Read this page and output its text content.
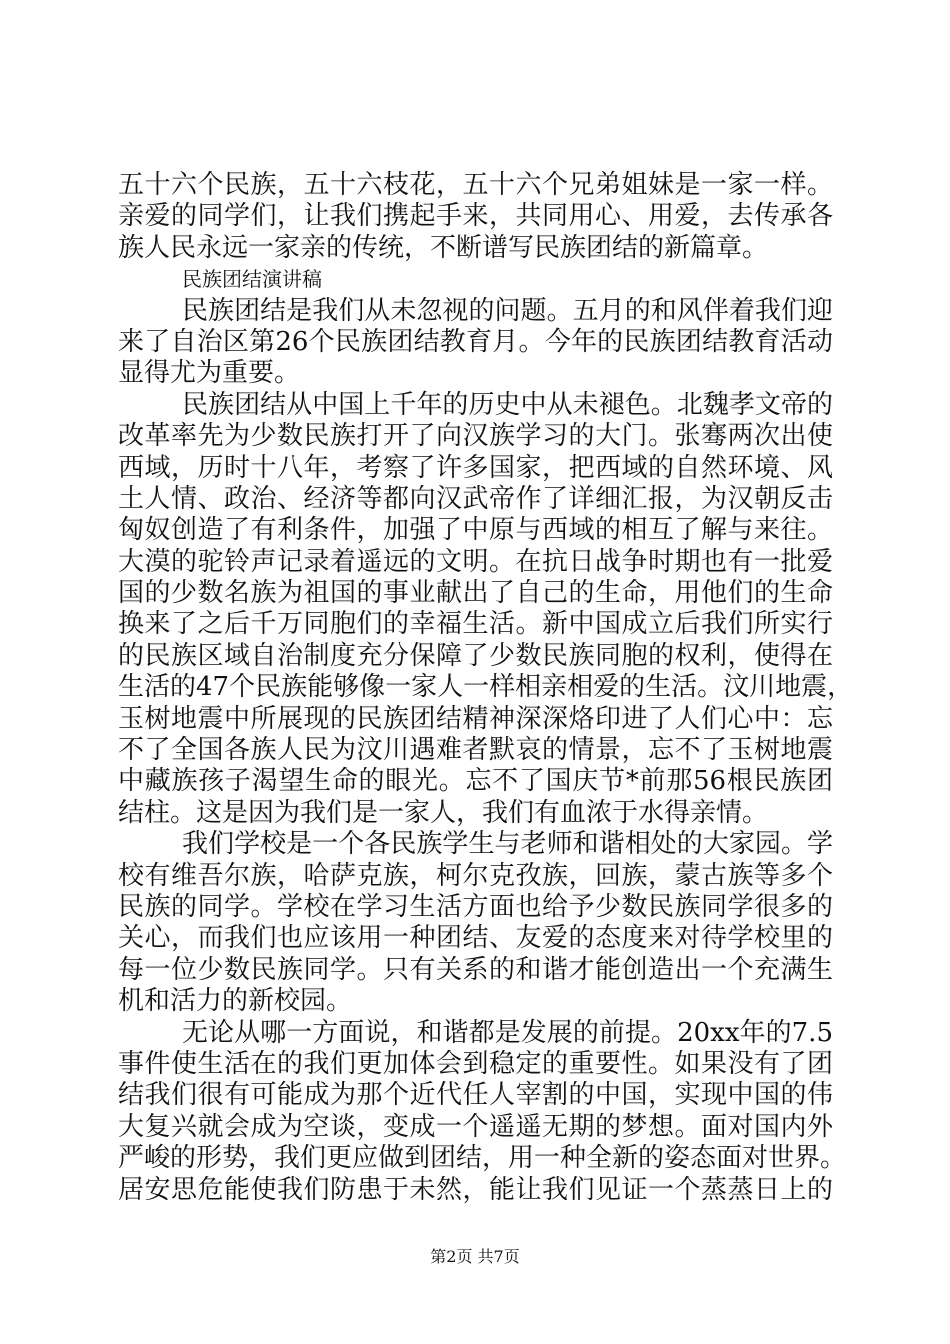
五十六个民族，五十六枝花，五十六个兄弟姐妹是一家一样。
亲爱的同学们，让我们携起手来，共同用心、用爱，去传承各
族人民永远一家亲的传统，不断谱写民族团结的新篇章。
民族团结演讲稿
民族团结是我们从未忽视的问题。五月的和风伴着我们迎
来了自治区第26个民族团结教育月。今年的民族团结教育活动
显得尤为重要。
民族团结从中国上千年的历史中从未褪色。北魏孝文帝的
改革率先为少数民族打开了向汉族学习的大门。张骞两次出使
西域，历时十八年，考察了许多国家，把西域的自然环境、风
土人情、政治、经济等都向汉武帝作了详细汇报，为汉朝反击
匈奴创造了有利条件，加强了中原与西域的相互了解与来往。
大漠的驼铃声记录着遥远的文明。在抗日战争时期也有一批爱
国的少数名族为祖国的事业献出了自己的生命，用他们的生命
换来了之后千万同胞们的幸福生活。新中国成立后我们所实行
的民族区域自治制度充分保障了少数民族同胞的权利，使得在
生活的47个民族能够像一家人一样相亲相爱的生活。汶川地震，
玉树地震中所展现的民族团结精神深深烙印进了人们心中：忘
不了全国各族人民为汶川遇难者默哀的情景，忘不了玉树地震
中藏族孩子渴望生命的眼光。忘不了国庆节*前那56根民族团
结柱。这是因为我们是一家人，我们有血浓于水得亲情。
我们学校是一个各民族学生与老师和谐相处的大家园。学
校有维吾尔族，哈萨克族，柯尔克孜族，回族，蒙古族等多个
民族的同学。学校在学习生活方面也给予少数民族同学很多的
关心，而我们也应该用一种团结、友爱的态度来对待学校里的
每一位少数民族同学。只有关系的和谐才能创造出一个充满生
机和活力的新校园。
无论从哪一方面说，和谐都是发展的前提。20xx年的7.5
事件使生活在的我们更加体会到稳定的重要性。如果没有了团
结我们很有可能成为那个近代任人宰割的中国，实现中国的伟
大复兴就会成为空谈，变成一个遥遥无期的梦想。面对国内外
严峻的形势，我们更应做到团结，用一种全新的姿态面对世界。
居安思危能使我们防患于未然，能让我们见证一个蒸蒸日上的
第2页 共7页
